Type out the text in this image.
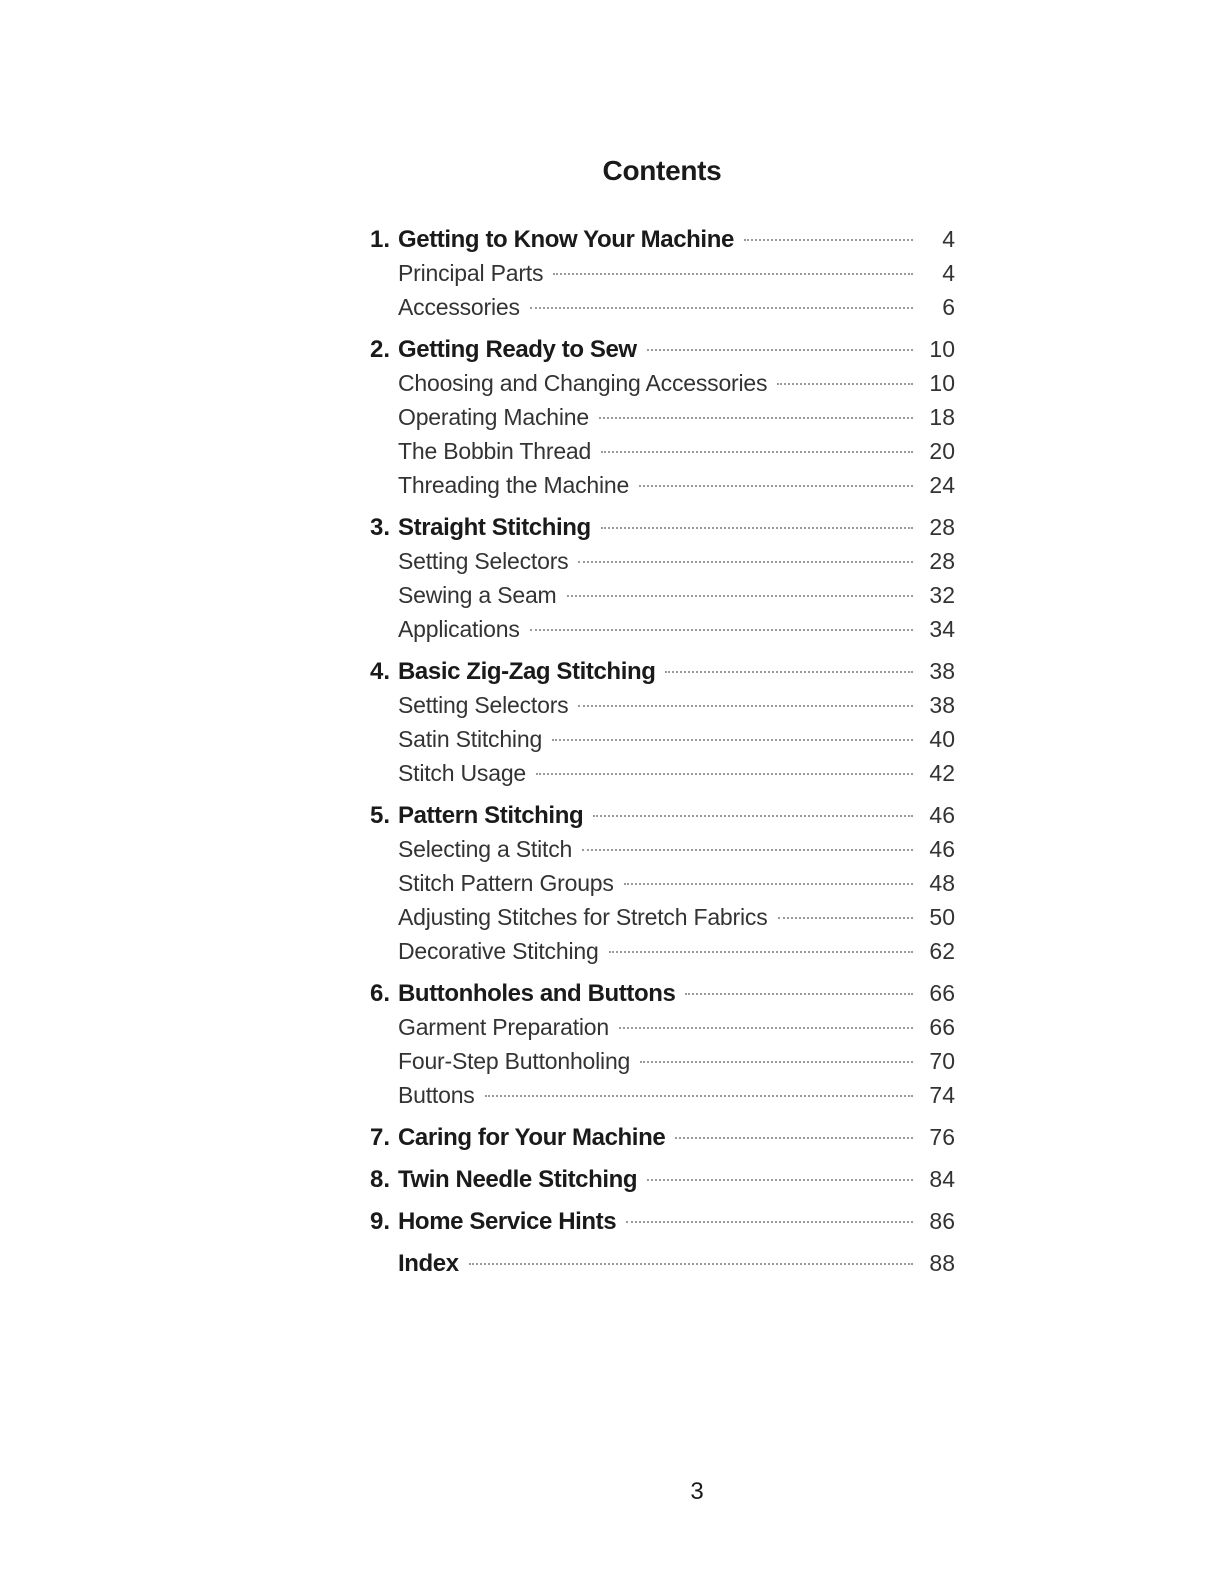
Contents
1. Getting to Know Your Machine	4
Principal Parts	4
Accessories	6
2. Getting Ready to Sew	10
Choosing and Changing Accessories	10
Operating Machine	18
The Bobbin Thread	20
Threading the Machine	24
3. Straight Stitching	28
Setting Selectors	28
Sewing a Seam	32
Applications	34
4. Basic Zig-Zag Stitching	38
Setting Selectors	38
Satin Stitching	40
Stitch Usage	42
5. Pattern Stitching	46
Selecting a Stitch	46
Stitch Pattern Groups	48
Adjusting Stitches for Stretch Fabrics	50
Decorative Stitching	62
6. Buttonholes and Buttons	66
Garment Preparation	66
Four-Step Buttonholing	70
Buttons	74
7. Caring for Your Machine	76
8. Twin Needle Stitching	84
9. Home Service Hints	86
Index	88
3
